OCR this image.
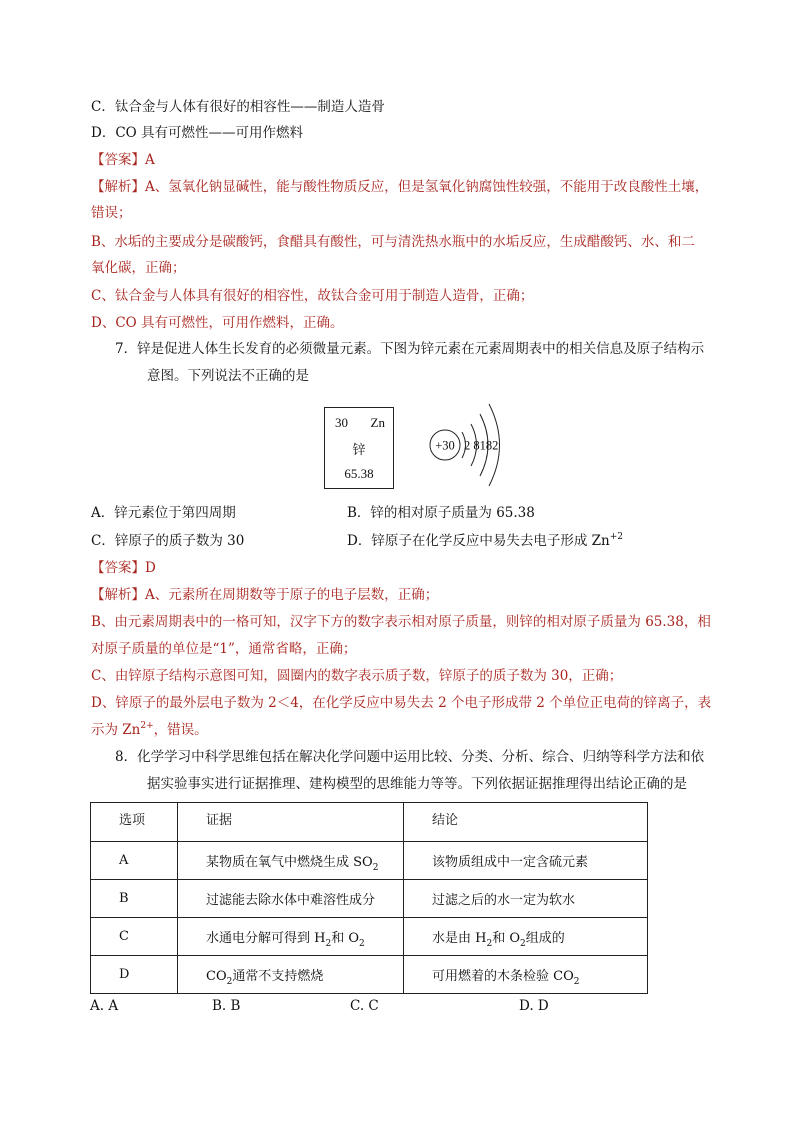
C．钛合金与人体有很好的相容性——制造人造骨
D．CO 具有可燃性——可用作燃料
【答案】A
【解析】A、氢氧化钠显碱性，能与酸性物质反应，但是氢氧化钠腐蚀性较强，不能用于改良酸性土壤，
错误；
B、水垢的主要成分是碳酸钙，食醋具有酸性，可与清洗热水瓶中的水垢反应，生成醋酸钙、水、和二
氧化碳，正确；
C、钛合金与人体具有很好的相容性，故钛合金可用于制造人造骨，正确；
D、CO 具有可燃性，可用作燃料，正确。
7．锌是促进人体生长发育的必须微量元素。下图为锌元素在元素周期表中的相关信息及原子结构示
意图。下列说法不正确的是
30 Zn
锌
65.38
+30 2 8182
A．锌元素位于第四周期	B．锌的相对原子质量为 65.38
C．锌原子的质子数为 30	D．锌原子在化学反应中易失去电子形成 $Zn^{+2}$
【答案】D
【解析】A、元素所在周期数等于原子的电子层数，正确；
B、由元素周期表中的一格可知，汉字下方的数字表示相对原子质量，则锌的相对原子质量为 65.38，相
对原子质量的单位是“1”，通常省略，正确；
C、由锌原子结构示意图可知，圆圈内的数字表示质子数，锌原子的质子数为 30，正确；
D、锌原子的最外层电子数为 2＜4，在化学反应中易失去 2 个电子形成带 2 个单位正电荷的锌离子，表
示为 $Zn^{2+}$，错误。
8．化学学习中科学思维包括在解决化学问题中运用比较、分类、分析、综合、归纳等科学方法和依
据实验事实进行证据推理、建构模型的思维能力等等。下列依据证据推理得出结论正确的是
选项	证据	结论
A	某物质在氧气中燃烧生成 $SO_2$	该物质组成中一定含硫元素
B	过滤能去除水体中难溶性成分	过滤之后的水一定为软水
C	水通电分解可得到 $H_2$和 $O_2$	水是由 $H_2$和 $O_2$组成的
D	$CO_2$通常不支持燃烧	可用燃着的木条检验 $CO_2$
A. A	B. B	C. C	D. D
